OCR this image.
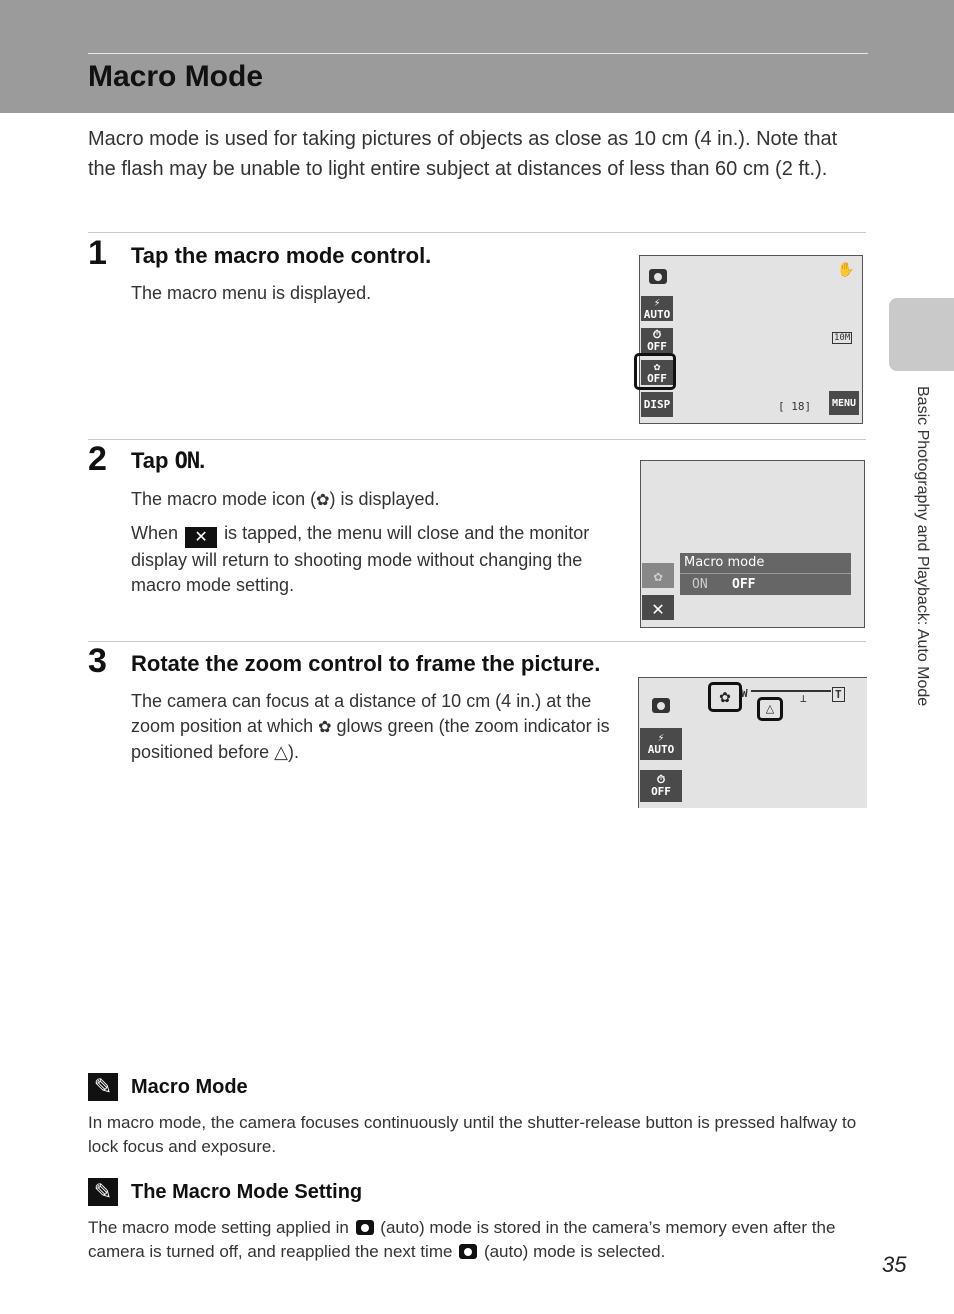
Macro Mode

Macro mode is used for taking pictures of objects as close as 10 cm (4 in.). Note that the flash may be unable to light entire subject at distances of less than 60 cm (2 ft.).

Basic Photography and Playback: Auto Mode
1 Tap the macro mode control.

The macro menu is displayed.	⚡
AUTO
⏱
OFF
✿
OFF
DISP
✋
10M
[ 18] MENU
2 Tap ON.

The macro mode icon (✿) is displayed.

When ✕ is tapped, the menu will close and the monitor display will return to shooting mode without changing the macro mode setting.	✿
✕
Macro mode
ON OFF
3 Rotate the zoom control to frame the picture.

The camera can focus at a distance of 10 cm (4 in.) at the zoom position at which ✿ glows green (the zoom indicator is positioned before △).

⚡
AUTO
⏱
OFF
W	T
⊥
✿
△
✎ Macro Mode

In macro mode, the camera focuses continuously until the shutter-release button is pressed halfway to lock focus and exposure.

✎ The Macro Mode Setting

The macro mode setting applied in (auto) mode is stored in the camera’s memory even after the camera is turned off, and reapplied the next time (auto) mode is selected.

35
